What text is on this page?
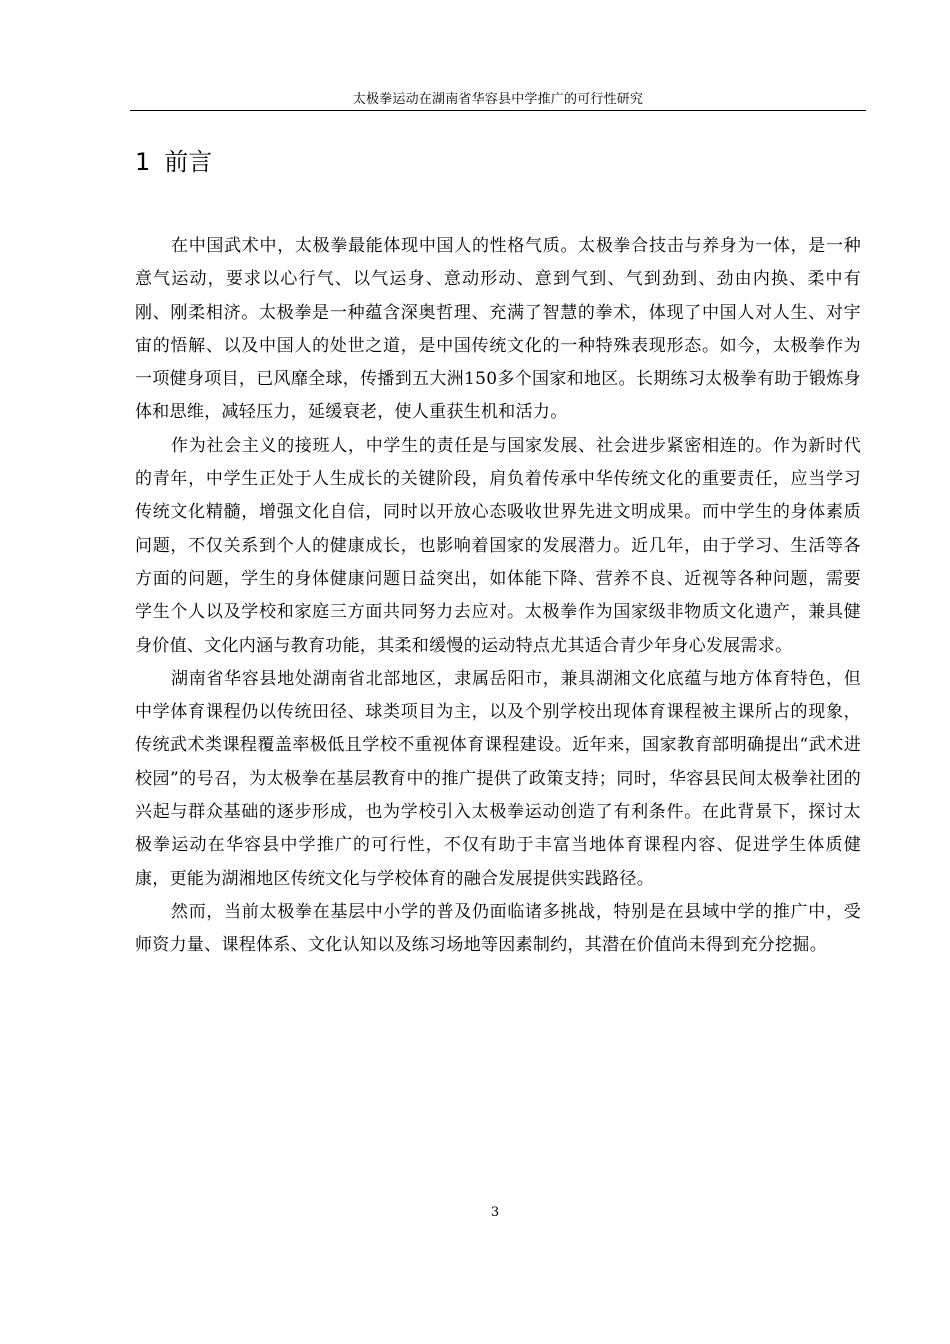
太极拳运动在湖南省华容县中学推广的可行性研究
1 前言

在中国武术中，太极拳最能体现中国人的性格气质。太极拳合技击与养身为一体，是一种意气运动，要求以心行气、以气运身、意动形动、意到气到、气到劲到、劲由内换、柔中有刚、刚柔相济。太极拳是一种蕴含深奥哲理、充满了智慧的拳术，体现了中国人对人生、对宇宙的悟解、以及中国人的处世之道，是中国传统文化的一种特殊表现形态。如今，太极拳作为一项健身项目，已风靡全球，传播到五大洲150多个国家和地区。长期练习太极拳有助于锻炼身体和思维，减轻压力，延缓衰老，使人重获生机和活力。

作为社会主义的接班人，中学生的责任是与国家发展、社会进步紧密相连的。作为新时代的青年，中学生正处于人生成长的关键阶段，肩负着传承中华传统文化的重要责任，应当学习传统文化精髓，增强文化自信，同时以开放心态吸收世界先进文明成果。而中学生的身体素质问题，不仅关系到个人的健康成长，也影响着国家的发展潜力。近几年，由于学习、生活等各方面的问题，学生的身体健康问题日益突出，如体能下降、营养不良、近视等各种问题，需要学生个人以及学校和家庭三方面共同努力去应对。太极拳作为国家级非物质文化遗产，兼具健身价值、文化内涵与教育功能，其柔和缓慢的运动特点尤其适合青少年身心发展需求。

湖南省华容县地处湖南省北部地区，隶属岳阳市，兼具湖湘文化底蕴与地方体育特色，但中学体育课程仍以传统田径、球类项目为主，以及个别学校出现体育课程被主课所占的现象，传统武术类课程覆盖率极低且学校不重视体育课程建设。近年来，国家教育部明确提出“武术进校园”的号召，为太极拳在基层教育中的推广提供了政策支持；同时，华容县民间太极拳社团的兴起与群众基础的逐步形成，也为学校引入太极拳运动创造了有利条件。在此背景下，探讨太极拳运动在华容县中学推广的可行性，不仅有助于丰富当地体育课程内容、促进学生体质健康，更能为湖湘地区传统文化与学校体育的融合发展提供实践路径。

然而，当前太极拳在基层中小学的普及仍面临诸多挑战，特别是在县域中学的推广中，受师资力量、课程体系、文化认知以及练习场地等因素制约，其潜在价值尚未得到充分挖掘。

3
